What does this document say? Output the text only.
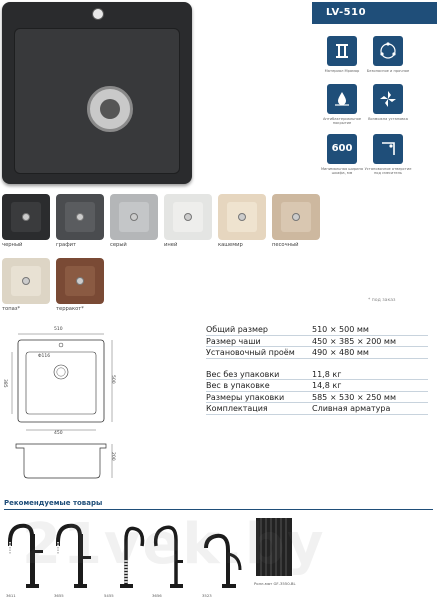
LV-510
Материал Мрамор	Безопасное и прочное
Антибактериальное покрытие
Возможна установка
600
Минимальная ширина шкафа, мм
Установочное отверстие под смеситель
черный	графит	серый	иней	кашемир	песочный
топаз*	терракот*
* под заказ
510
500
450
385
Φ116
200
Общий размер	510 × 500 мм
Размер чаши	450 × 385 × 200 мм
Установочный проём	490 × 480 мм
Вес без упаковки	11,8 кг
Вес в упаковке	14,8 кг
Размеры упаковки	585 × 530 × 250 мм
Комплектация	Сливная арматура
Рекомендуемые товары
3611	3655	5455	3656	3523
Ролл-мат GF-3550-BL
21vek.by
